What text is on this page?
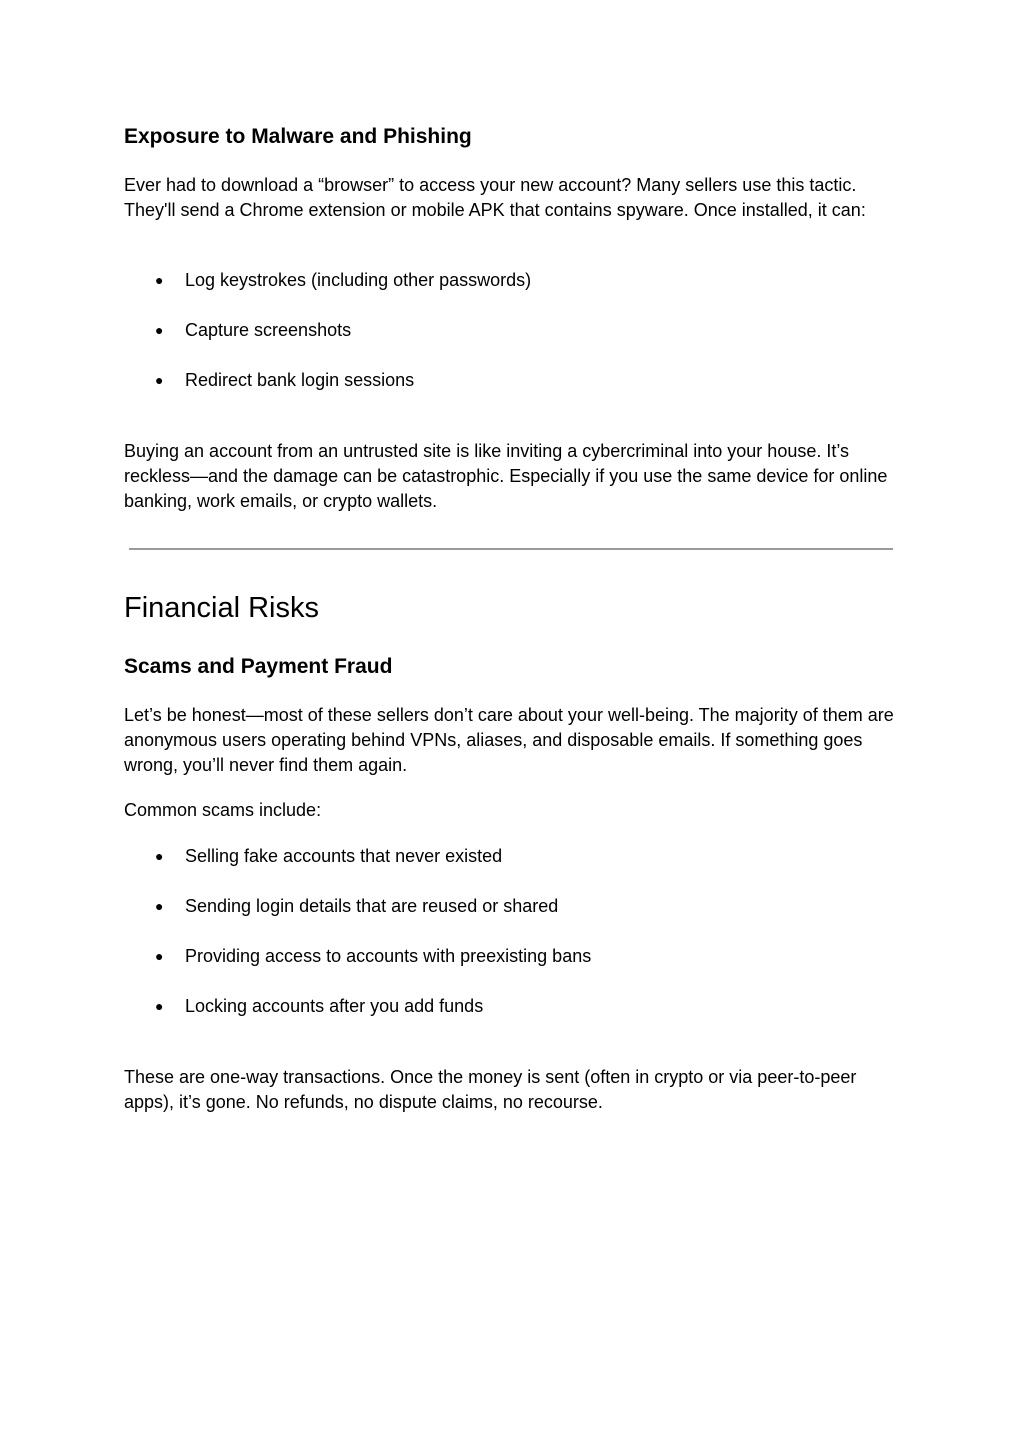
Exposure to Malware and Phishing

Ever had to download a “browser” to access your new account? Many sellers use this tactic. They'll send a Chrome extension or mobile APK that contains spyware. Once installed, it can:

● Log keystrokes (including other passwords)
● Capture screenshots
● Redirect bank login sessions

Buying an account from an untrusted site is like inviting a cybercriminal into your house. It’s reckless—and the damage can be catastrophic. Especially if you use the same device for online banking, work emails, or crypto wallets.

Financial Risks
Scams and Payment Fraud

Let’s be honest—most of these sellers don’t care about your well-being. The majority of them are anonymous users operating behind VPNs, aliases, and disposable emails. If something goes wrong, you’ll never find them again.

Common scams include:

● Selling fake accounts that never existed
● Sending login details that are reused or shared
● Providing access to accounts with preexisting bans
● Locking accounts after you add funds

These are one-way transactions. Once the money is sent (often in crypto or via peer-to-peer apps), it’s gone. No refunds, no dispute claims, no recourse.
